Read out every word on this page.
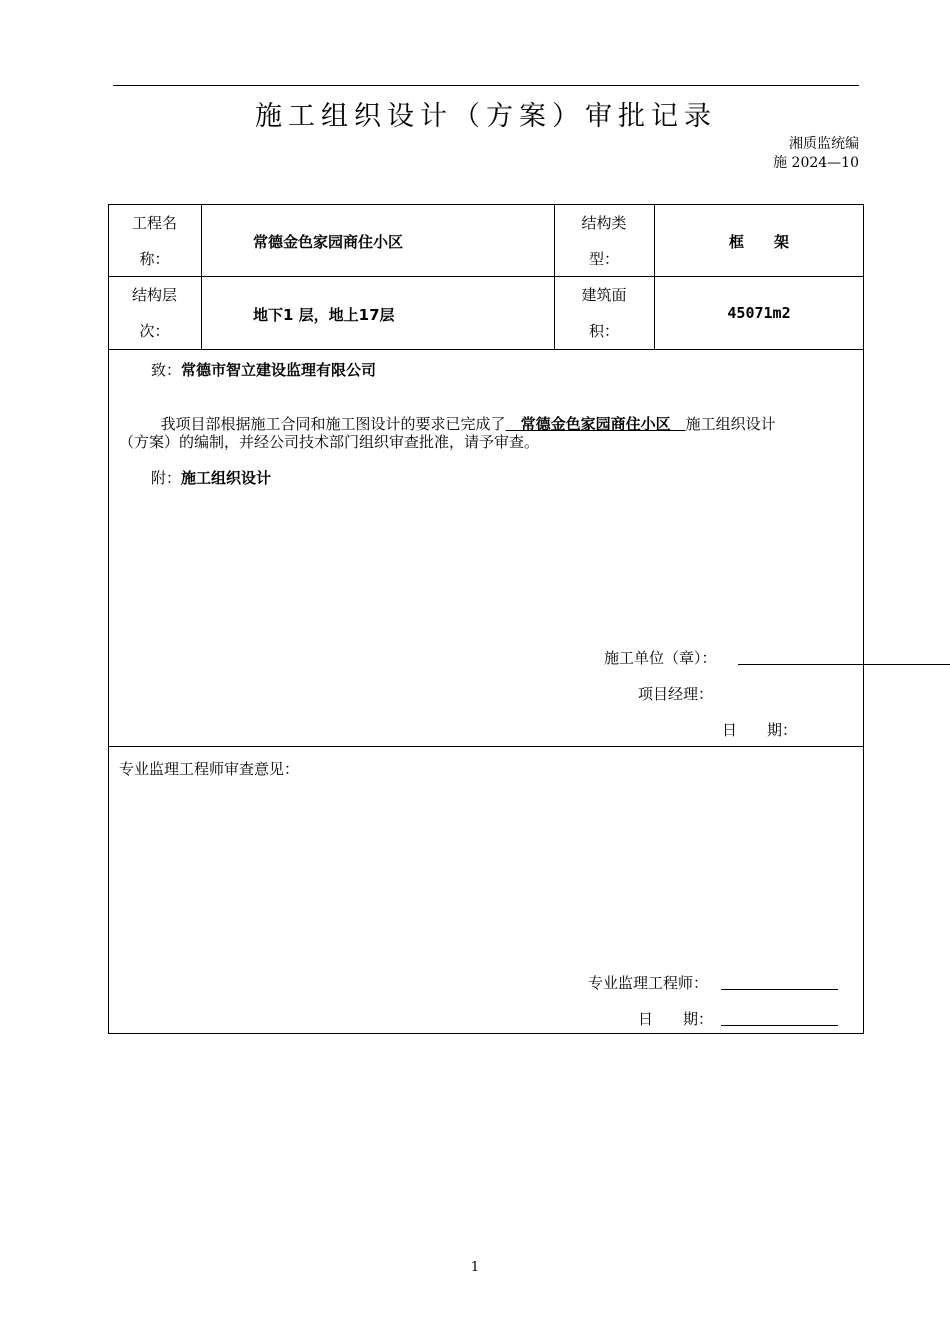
施工组织设计（方案）审批记录
湘质监统编
施 2024—10
工程名
称：
常德金色家园商住小区
结构类
型：
框　　架
结构层
次：
地下1 层，地上17层
建筑面
积：
45071m2
致：常德市智立建设监理有限公司

我项目部根据施工合同和施工图设计的要求已完成了　常德金色家园商住小区　施工组织设计

（方案）的编制，并经公司技术部门组织审查批准，请予审查。
附：施工组织设计
施工单位（章）：
项目经理：
日　　期：
专业监理工程师审查意见：
专业监理工程师：
日　　期：
1
